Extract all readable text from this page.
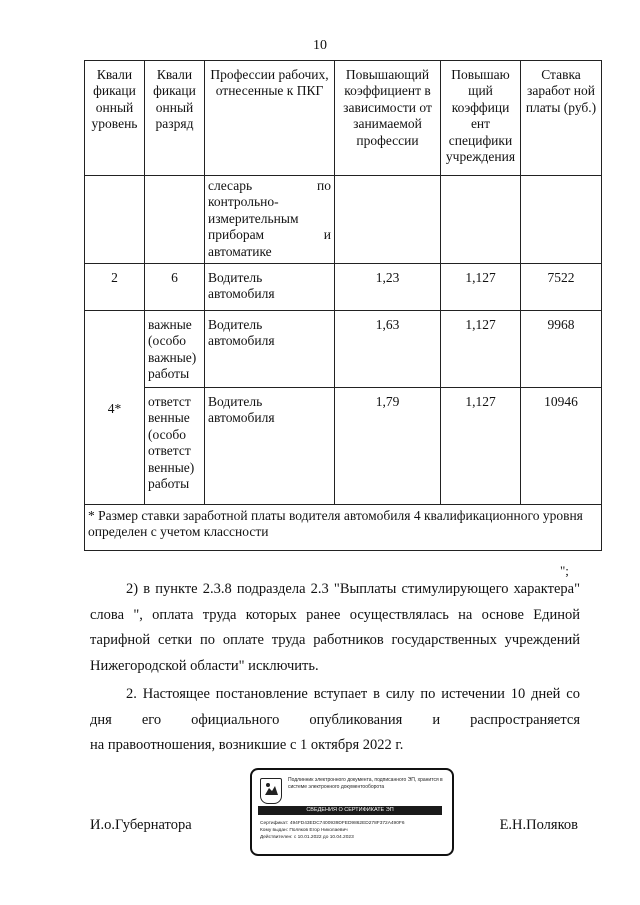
10
Квали фикаци онный уровень	Квали фикаци онный разряд	Профессии рабочих, отнесенные к ПКГ	Повышающий коэффициент в зависимости от занимаемой профессии	Повышаю щий коэффици ент специфики учреждения	Ставка заработ ной платы (руб.)
		слесарь по контрольно-измерительным приборам и автоматике			
2	6	Водитель автомобиля	1,23	1,127	7522
4*	важные (особо важные) работы	Водитель автомобиля	1,63	1,127	9968
	ответст венные (особо ответст венные) работы	Водитель автомобиля	1,79	1,127	10946
* Размер ставки заработной платы водителя автомобиля 4 квалификационного уровня определен с учетом классности					
";
2) в пункте 2.3.8 подраздела 2.3 "Выплаты стимулирующего характера" слова ", оплата труда которых ранее осуществлялась на основе Единой тарифной сетки по оплате труда работников государственных учреждений Нижегородской области" исключить.
2. Настоящее постановление вступает в силу по истечении 10 дней со дня его официального опубликования и распространяется
на правоотношения, возникшие с 1 октября 2022 г.
И.о.Губернатора	Е.Н.Поляков
Подлинник электронного документа, подписанного ЭП, хранится в системе электронного документооборота
СВЕДЕНИЯ О СЕРТИФИКАТЕ ЭП
Сертификат: 494FD43EDC7400939DFED9862ED278F372A490F6
Кому выдан: Поляков Егор Николаевич
Действителен: с 10.01.2022 до 10.04.2023
